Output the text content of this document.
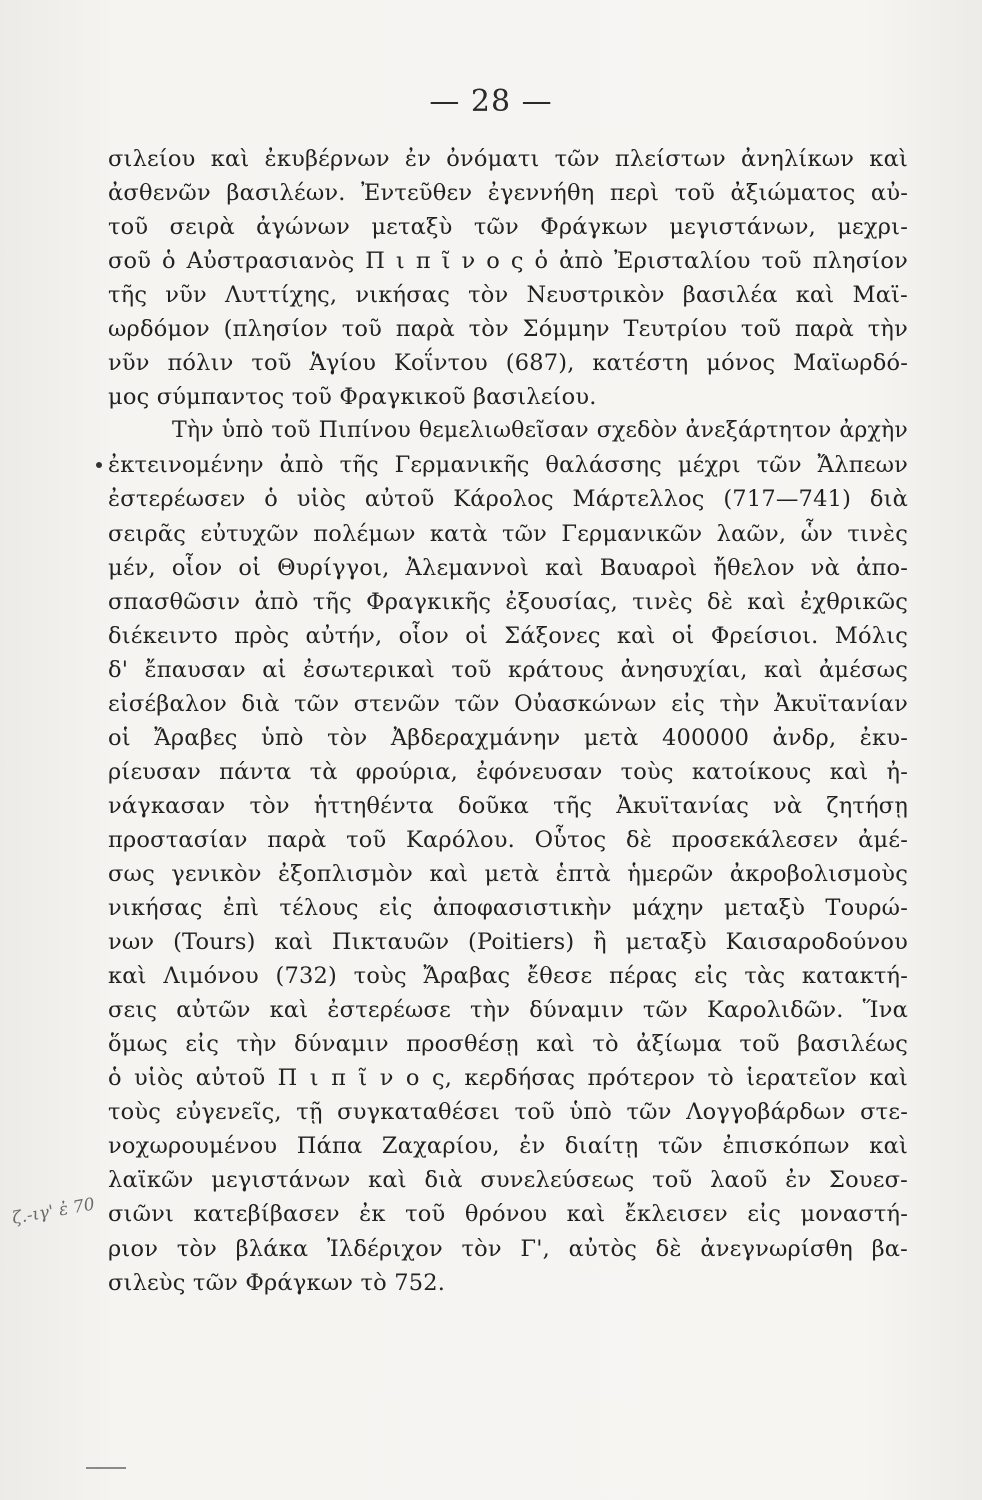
— 28 —
σιλείου καὶ ἐκυβέρνων ἐν ὀνόματι τῶν πλείστων ἀνηλίκων καὶ
ἀσθενῶν βασιλέων. Ἐντεῦθεν ἐγεννήθη περὶ τοῦ ἀξιώματος αὐ-
τοῦ σειρὰ ἀγώνων μεταξὺ τῶν Φράγκων μεγιστάνων, μεχρι-
σοῦ ὁ Αὐστρασιανὸς Π ι π ῖ ν ο ς ὁ ἀπὸ Ἐρισταλίου τοῦ πλησίον
τῆς νῦν Λυττίχης, νικήσας τὸν Νευστρικὸν βασιλέα καὶ Μαϊ-
ωρδόμον (πλησίον τοῦ παρὰ τὸν Σόμμην Τευτρίου τοῦ παρὰ τὴν
νῦν πόλιν τοῦ Ἁγίου Κοΐντου (687), κατέστη μόνος Μαϊωρδό-
μος σύμπαντος τοῦ Φραγκικοῦ βασιλείου.
Τὴν ὑπὸ τοῦ Πιπίνου θεμελιωθεῖσαν σχεδὸν ἀνεξάρτητον ἀρχὴν
ἐκτεινομένην ἀπὸ τῆς Γερμανικῆς θαλάσσης μέχρι τῶν Ἄλπεων
ἐστερέωσεν ὁ υἱὸς αὐτοῦ Κάρολος Μάρτελλος (717—741) διὰ
σειρᾶς εὐτυχῶν πολέμων κατὰ τῶν Γερμανικῶν λαῶν, ὧν τινὲς
μέν, οἷον οἱ Θυρίγγοι, Ἀλεμαννοὶ καὶ Βαυαροὶ ἤθελον νὰ ἀπο-
σπασθῶσιν ἀπὸ τῆς Φραγκικῆς ἐξουσίας, τινὲς δὲ καὶ ἐχθρικῶς
διέκειντο πρὸς αὐτήν, οἷον οἱ Σάξονες καὶ οἱ Φρείσιοι. Μόλις
δ' ἔπαυσαν αἱ ἐσωτερικαὶ τοῦ κράτους ἀνησυχίαι, καὶ ἀμέσως
εἰσέβαλον διὰ τῶν στενῶν τῶν Οὐασκώνων εἰς τὴν Ἀκυϊτανίαν
οἱ Ἄραβες ὑπὸ τὸν Ἀβδεραχμάνην μετὰ 400000 ἀνδρ, ἐκυ-
ρίευσαν πάντα τὰ φρούρια, ἐφόνευσαν τοὺς κατοίκους καὶ ἠ-
νάγκασαν τὸν ἡττηθέντα δοῦκα τῆς Ἀκυϊτανίας νὰ ζητήσῃ
προστασίαν παρὰ τοῦ Καρόλου. Οὗτος δὲ προσεκάλεσεν ἀμέ-
σως γενικὸν ἐξοπλισμὸν καὶ μετὰ ἑπτὰ ἡμερῶν ἀκροβολισμοὺς
νικήσας ἐπὶ τέλους εἰς ἀποφασιστικὴν μάχην μεταξὺ Τουρώ-
νων (Tours) καὶ Πικταυῶν (Poitiers) ἢ μεταξὺ Καισαροδούνου
καὶ Λιμόνου (732) τοὺς Ἄραβας ἔθεσε πέρας εἰς τὰς κατακτή-
σεις αὐτῶν καὶ ἐστερέωσε τὴν δύναμιν τῶν Καρολιδῶν. Ἵνα
ὅμως εἰς τὴν δύναμιν προσθέσῃ καὶ τὸ ἀξίωμα τοῦ βασιλέως
ὁ υἱὸς αὐτοῦ Π ι π ῖ ν ο ς, κερδήσας πρότερον τὸ ἱερατεῖον καὶ
τοὺς εὐγενεῖς, τῇ συγκαταθέσει τοῦ ὑπὸ τῶν Λογγοβάρδων στε-
νοχωρουμένου Πάπα Ζαχαρίου, ἐν διαίτῃ τῶν ἐπισκόπων καὶ
λαϊκῶν μεγιστάνων καὶ διὰ συνελεύσεως τοῦ λαοῦ ἐν Σουεσ-
σιῶνι κατεβίβασεν ἐκ τοῦ θρόνου καὶ ἔκλεισεν εἰς μοναστή-
ριον τὸν βλάκα Ἰλδέριχον τὸν Γ', αὐτὸς δὲ ἀνεγνωρίσθη βα-
σιλεὺς τῶν Φράγκων τὸ 752.
ζ.-ιγ' ἐ 70
